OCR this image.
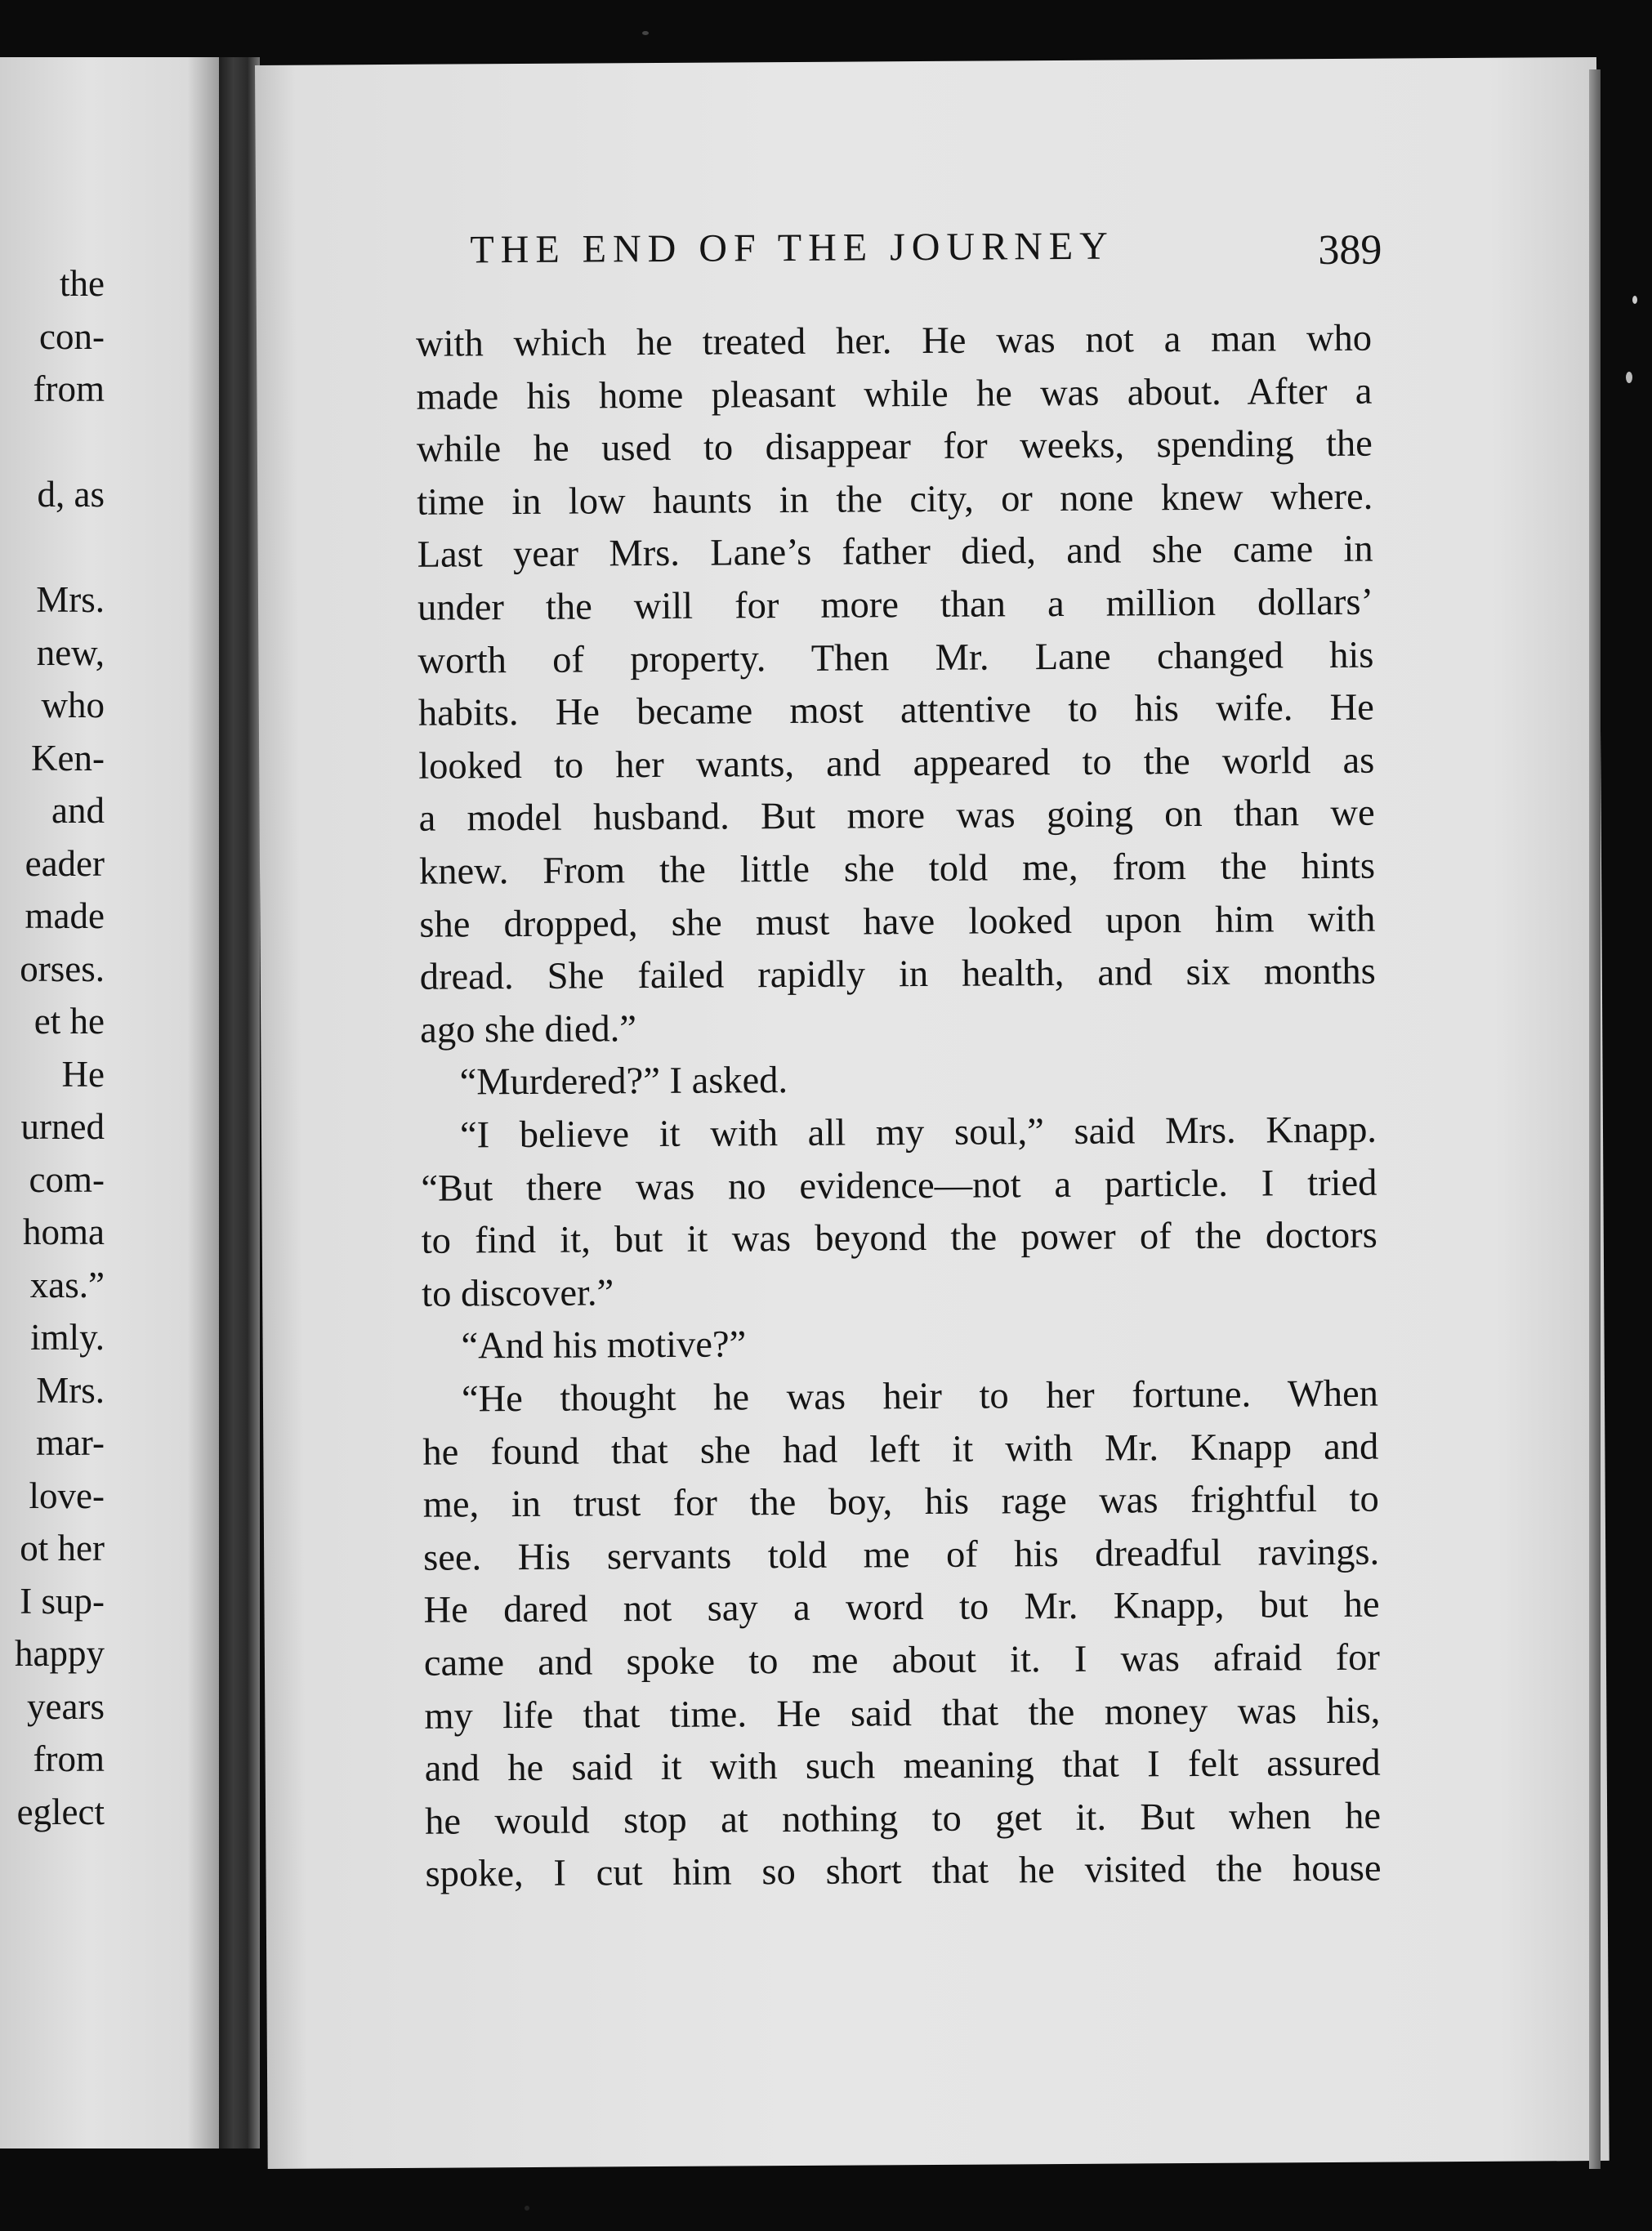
the
con-
from
d, as
Mrs.
new,
who
Ken-
and
eader
made
orses.
et he
He
urned
com-
homa
xas.”
imly.
Mrs.
mar-
love-
ot her
I sup-
happy
years
from
eglect
THE END OF THE JOURNEY	389
with which he treated her. He was not a man who
made his home pleasant while he was about. After a
while he used to disappear for weeks, spending the
time in low haunts in the city, or none knew where.
Last year Mrs. Lane’s father died, and she came in
under the will for more than a million dollars’
worth of property. Then Mr. Lane changed his
habits. He became most attentive to his wife. He
looked to her wants, and appeared to the world as
a model husband. But more was going on than we
knew. From the little she told me, from the hints
she dropped, she must have looked upon him with
dread. She failed rapidly in health, and six months
ago she died.”
“Murdered?” I asked.
“I believe it with all my soul,” said Mrs. Knapp.
“But there was no evidence—not a particle. I tried
to find it, but it was beyond the power of the doctors
to discover.”
“And his motive?”
“He thought he was heir to her fortune. When
he found that she had left it with Mr. Knapp and
me, in trust for the boy, his rage was frightful to
see. His servants told me of his dreadful ravings.
He dared not say a word to Mr. Knapp, but he
came and spoke to me about it. I was afraid for
my life that time. He said that the money was his,
and he said it with such meaning that I felt assured
he would stop at nothing to get it. But when he
spoke, I cut him so short that he visited the house
